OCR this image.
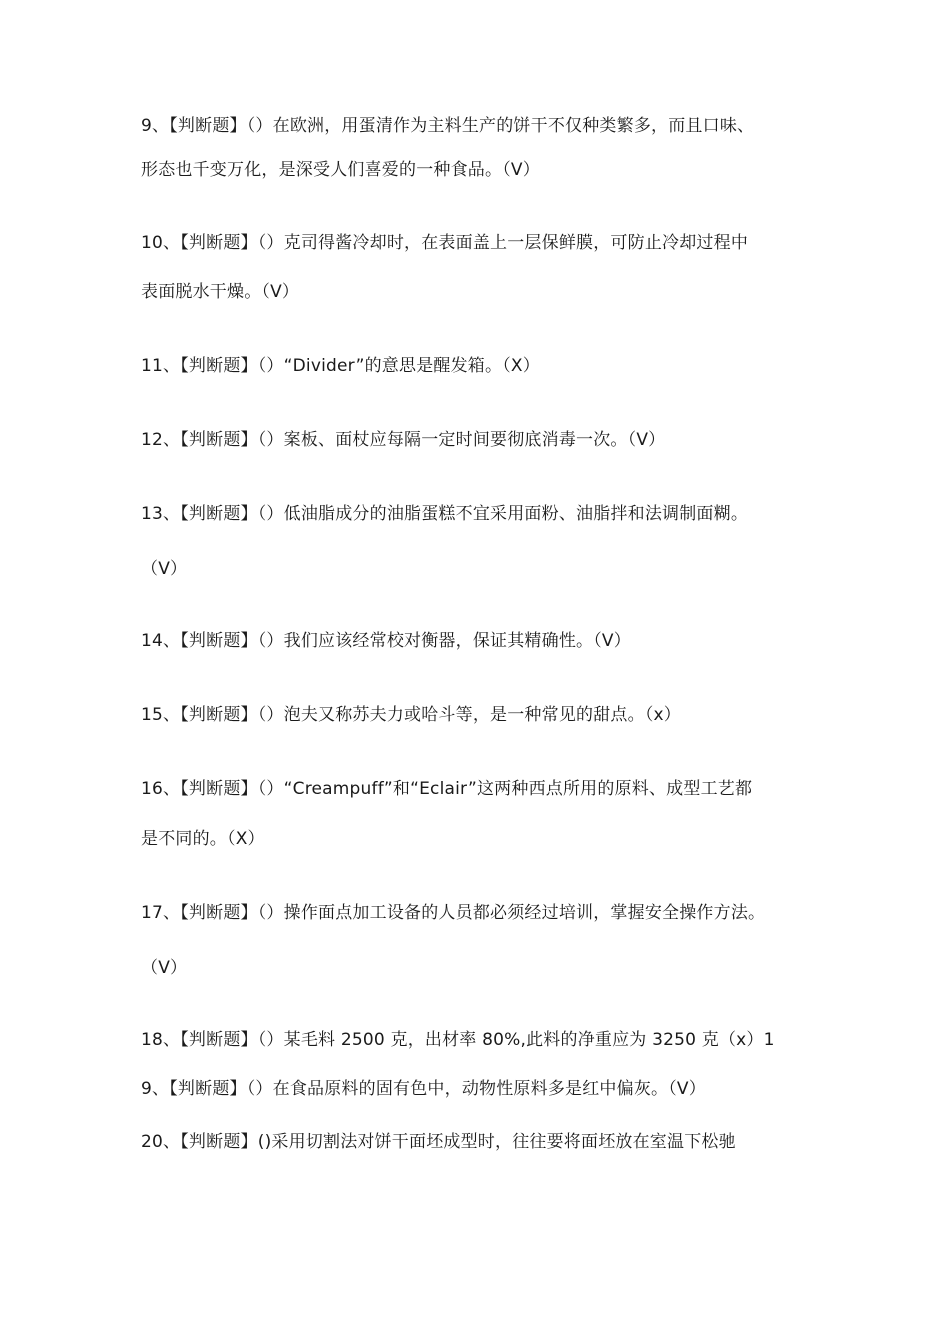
9、【判断题】（）在欧洲，用蛋清作为主料生产的饼干不仅种类繁多，而且口味、
形态也千变万化，是深受人们喜爱的一种食品。（V）
10、【判断题】（）克司得酱冷却时，在表面盖上一层保鲜膜，可防止冷却过程中
表面脱水干燥。（V）
11、【判断题】（）“Divider”的意思是醒发箱。（X）
12、【判断题】（）案板、面杖应每隔一定时间要彻底消毒一次。（V）
13、【判断题】（）低油脂成分的油脂蛋糕不宜采用面粉、油脂拌和法调制面糊。
（V）
14、【判断题】（）我们应该经常校对衡器，保证其精确性。（V）
15、【判断题】（）泡夫又称苏夫力或哈斗等，是一种常见的甜点。（x）
16、【判断题】（）“Creampuff”和“Eclair”这两种西点所用的原料、成型工艺都
是不同的。（X）
17、【判断题】（）操作面点加工设备的人员都必须经过培训，掌握安全操作方法。
（V）
18、【判断题】（）某毛料 2500 克，出材率 80%,此料的净重应为 3250 克（x）1
9、【判断题】（）在食品原料的固有色中，动物性原料多是红中偏灰。（V）
20、【判断题】()采用切割法对饼干面坯成型时，往往要将面坯放在室温下松驰
